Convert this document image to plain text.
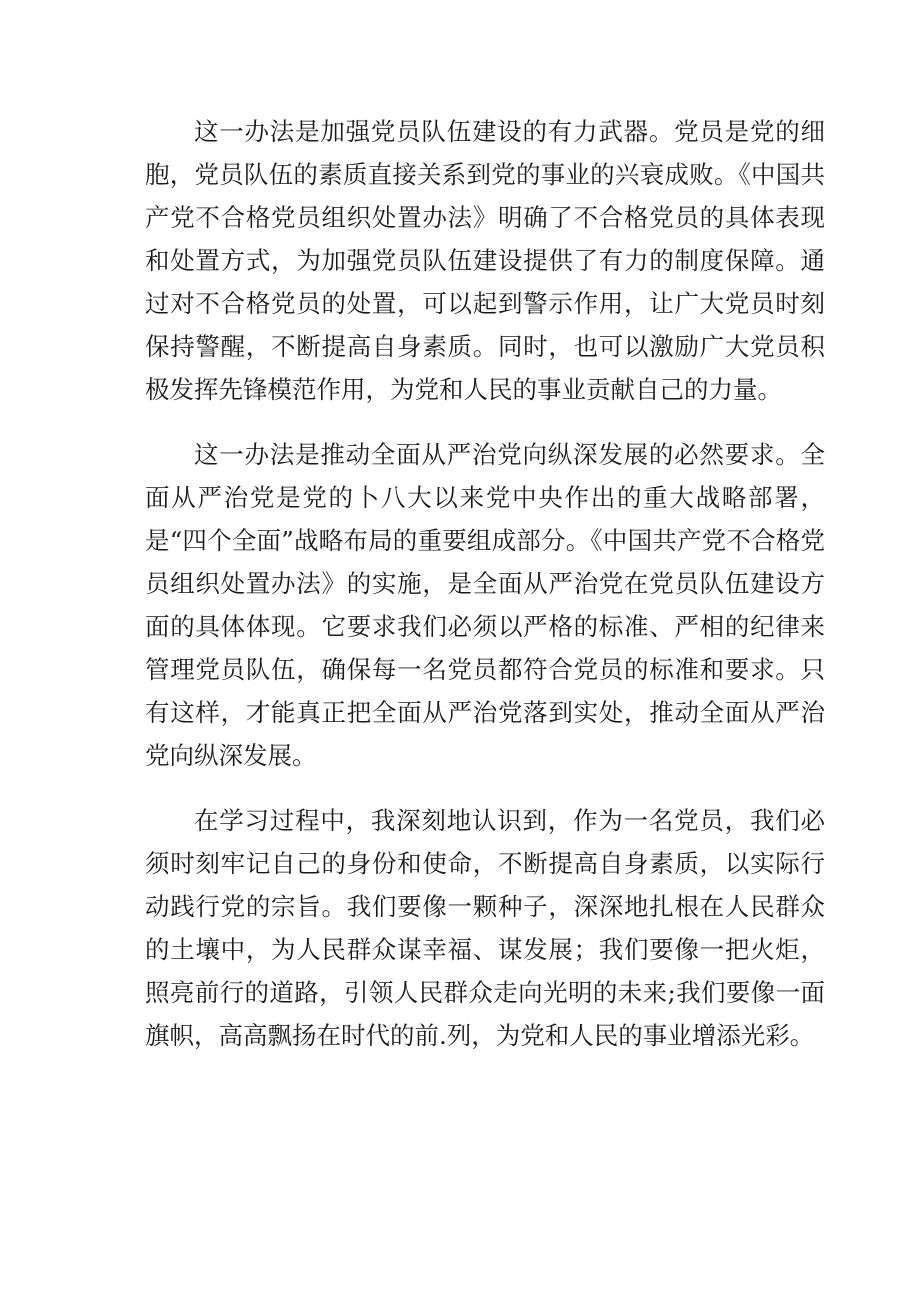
这一办法是加强党员队伍建设的有力武器。党员是党的细胞，党员队伍的素质直接关系到党的事业的兴衰成败。《中国共产党不合格党员组织处置办法》明确了不合格党员的具体表现和处置方式，为加强党员队伍建设提供了有力的制度保障。通过对不合格党员的处置，可以起到警示作用，让广大党员时刻保持警醒，不断提高自身素质。同时，也可以激励广大党员积极发挥先锋模范作用，为党和人民的事业贡献自己的力量。

这一办法是推动全面从严治党向纵深发展的必然要求。全面从严治党是党的卜八大以来党中央作出的重大战略部署，是“四个全面”战略布局的重要组成部分。《中国共产党不合格党员组织处置办法》的实施，是全面从严治党在党员队伍建设方面的具体体现。它要求我们必须以严格的标准、严相的纪律来管理党员队伍，确保每一名党员都符合党员的标准和要求。只有这样，才能真正把全面从严治党落到实处，推动全面从严治党向纵深发展。

在学习过程中，我深刻地认识到，作为一名党员，我们必须时刻牢记自己的身份和使命，不断提高自身素质，以实际行动践行党的宗旨。我们要像一颗种子，深深地扎根在人民群众的土壤中，为人民群众谋幸福、谋发展；我们要像一把火炬，照亮前行的道路，引领人民群众走向光明的未来;我们要像一面旗帜，高高飘扬在时代的前.列，为党和人民的事业增添光彩。
